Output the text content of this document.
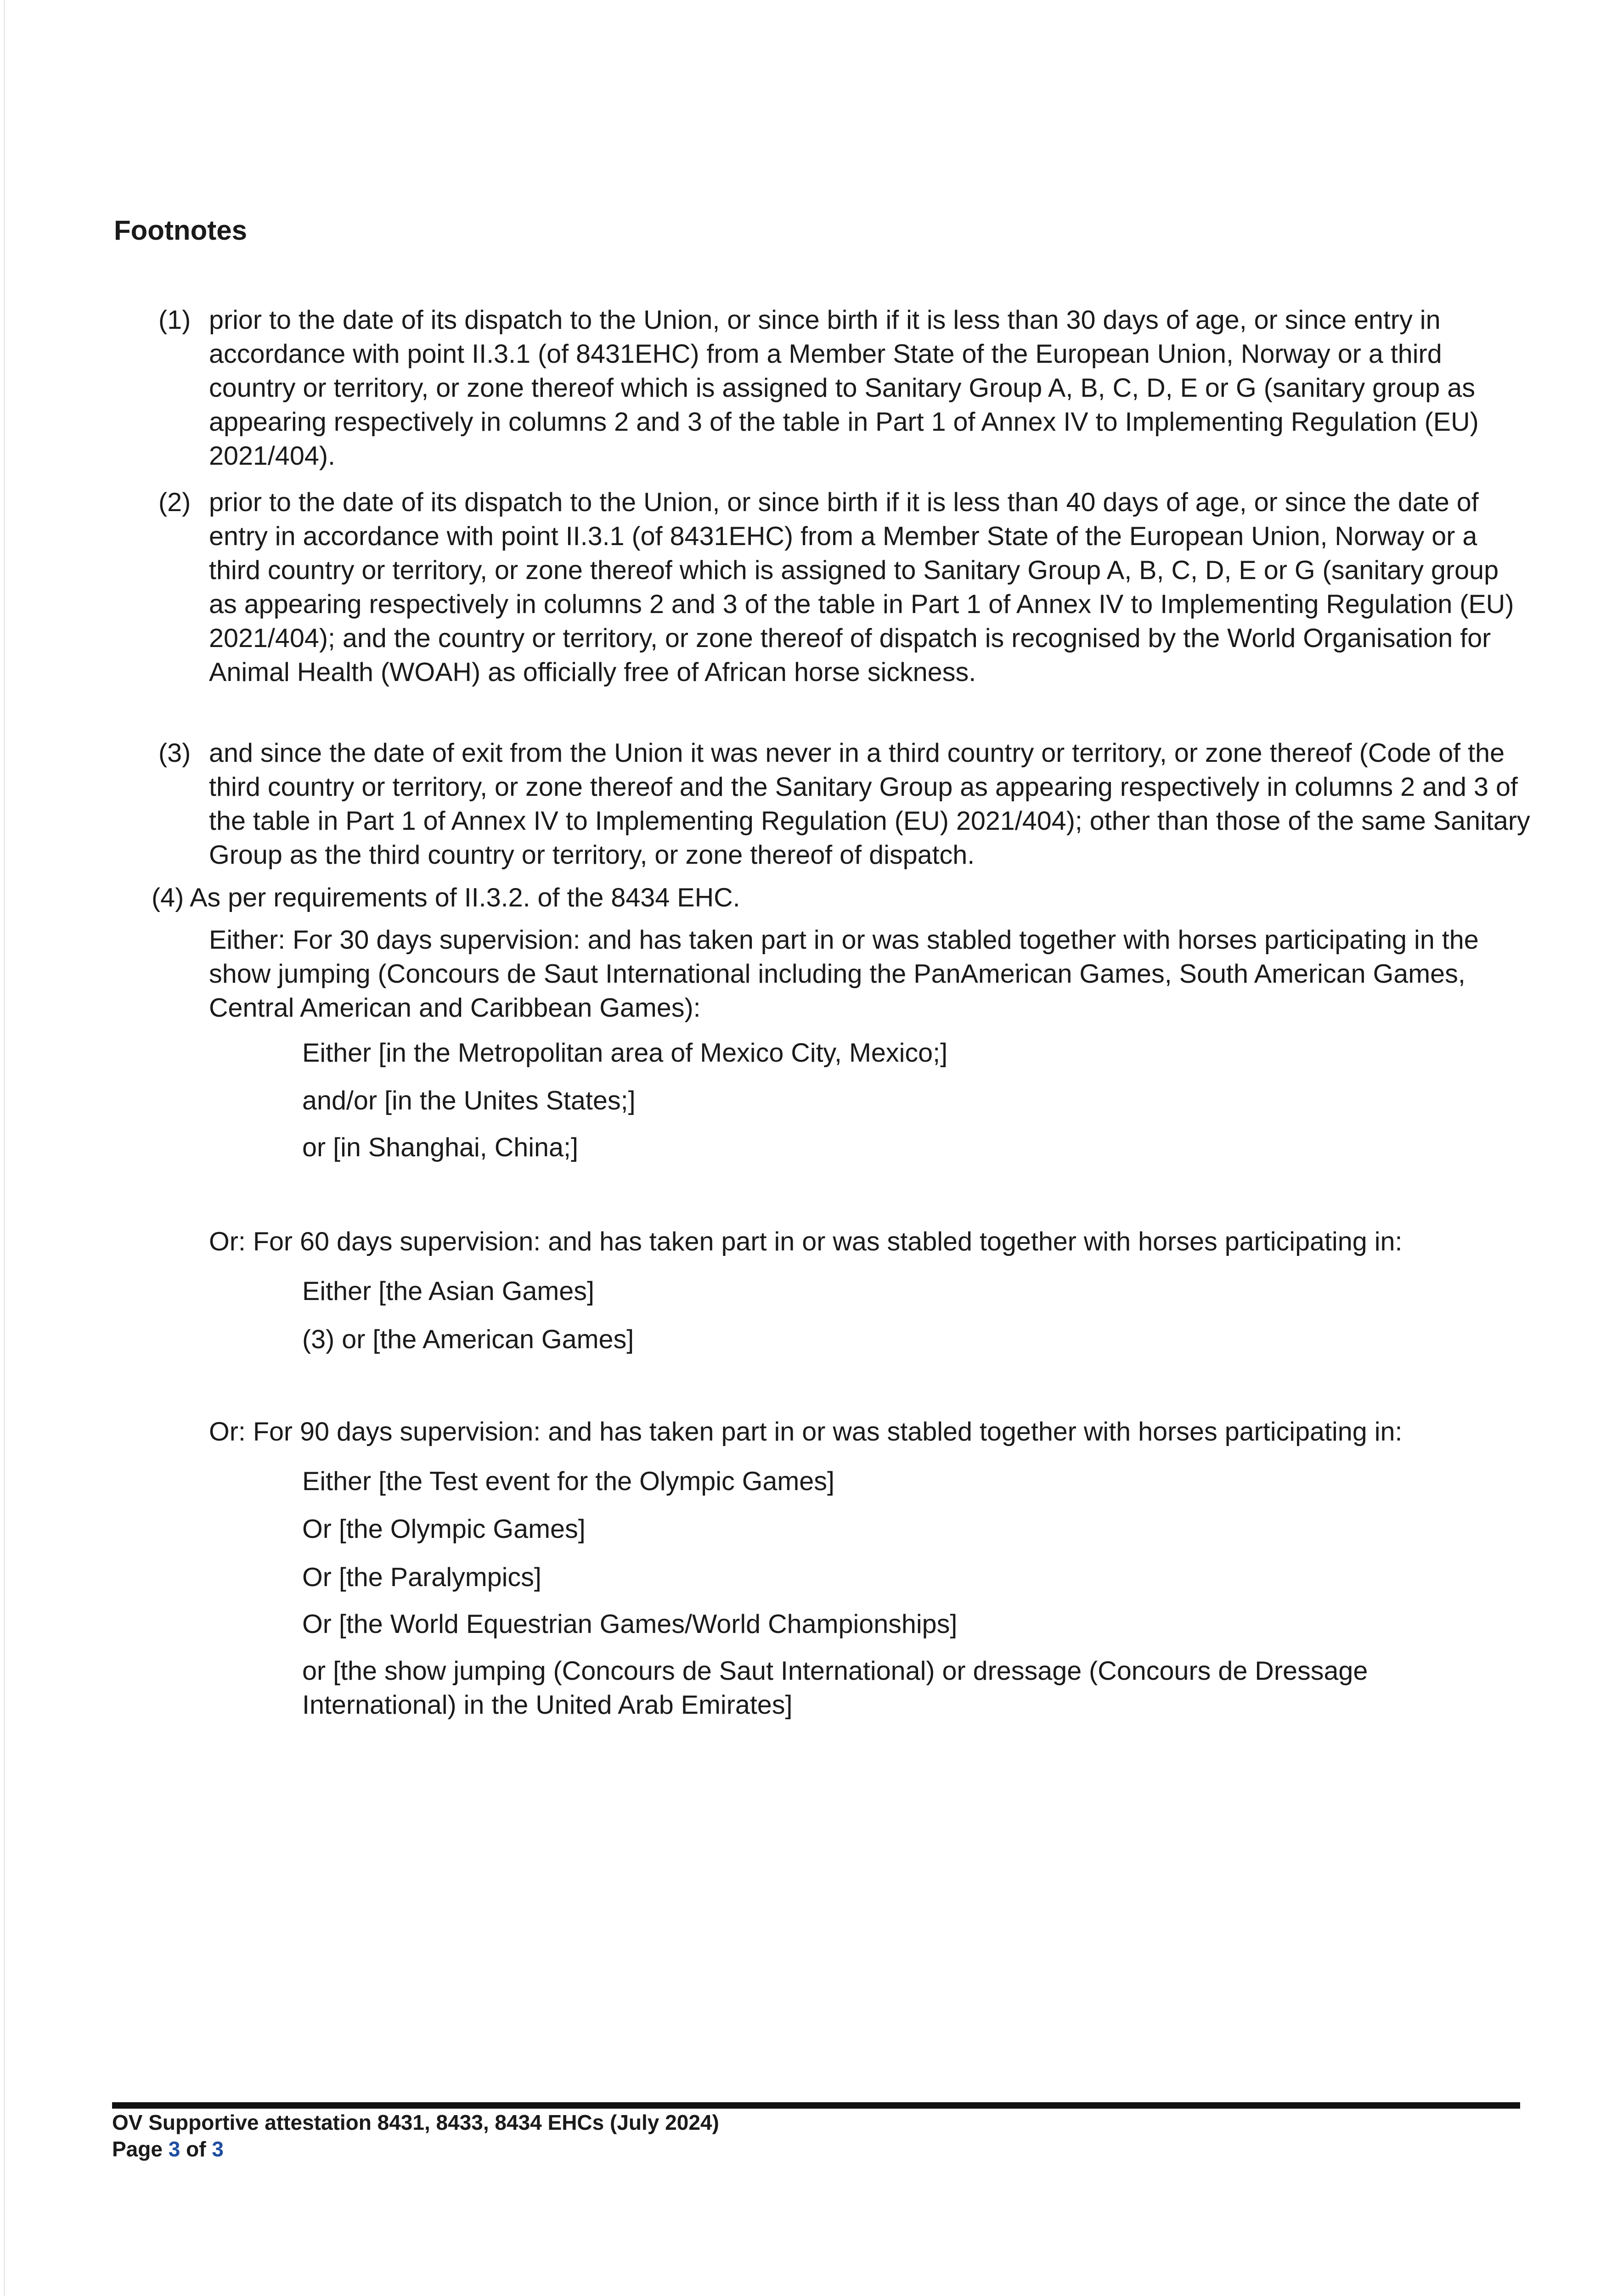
Footnotes
(1) prior to the date of its dispatch to the Union, or since birth if it is less than 30 days of age, or since entry in accordance with point II.3.1 (of 8431EHC) from a Member State of the European Union, Norway or a third country or territory, or zone thereof which is assigned to Sanitary Group A, B, C, D, E or G (sanitary group as appearing respectively in columns 2 and 3 of the table in Part 1 of Annex IV to Implementing Regulation (EU) 2021/404).
(2) prior to the date of its dispatch to the Union, or since birth if it is less than 40 days of age, or since the date of entry in accordance with point II.3.1 (of 8431EHC) from a Member State of the European Union, Norway or a third country or territory, or zone thereof which is assigned to Sanitary Group A, B, C, D, E or G (sanitary group as appearing respectively in columns 2 and 3 of the table in Part 1 of Annex IV to Implementing Regulation (EU) 2021/404); and the country or territory, or zone thereof of dispatch is recognised by the World Organisation for Animal Health (WOAH) as officially free of African horse sickness.
(3) and since the date of exit from the Union it was never in a third country or territory, or zone thereof (Code of the third country or territory, or zone thereof and the Sanitary Group as appearing respectively in columns 2 and 3 of the table in Part 1 of Annex IV to Implementing Regulation (EU) 2021/404); other than those of the same Sanitary Group as the third country or territory, or zone thereof of dispatch.

(4) As per requirements of II.3.2. of the 8434 EHC.

Either: For 30 days supervision: and has taken part in or was stabled together with horses participating in the show jumping (Concours de Saut International including the PanAmerican Games, South American Games, Central American and Caribbean Games):

Either [in the Metropolitan area of Mexico City, Mexico;]

and/or [in the Unites States;]

or [in Shanghai, China;]

Or: For 60 days supervision: and has taken part in or was stabled together with horses participating in:

Either [the Asian Games]

(3) or [the American Games]

Or: For 90 days supervision: and has taken part in or was stabled together with horses participating in:

Either [the Test event for the Olympic Games]

Or [the Olympic Games]

Or [the Paralympics]

Or [the World Equestrian Games/World Championships]

or [the show jumping (Concours de Saut International) or dressage (Concours de Dressage International) in the United Arab Emirates]

OV Supportive attestation 8431, 8433, 8434 EHCs (July 2024)

Page 3 of 3
